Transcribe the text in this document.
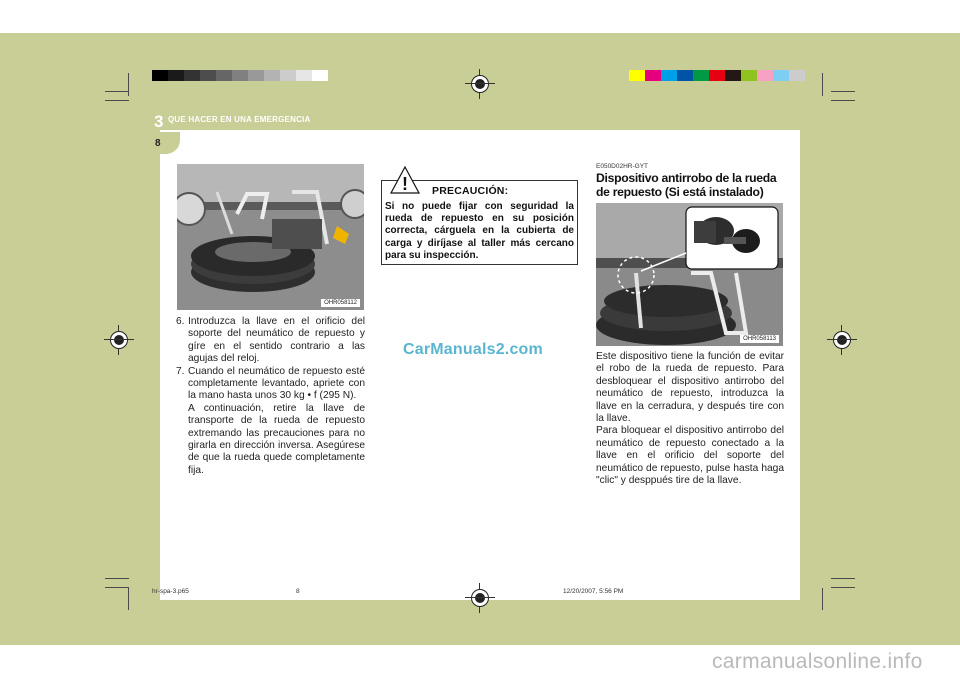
3 QUE HACER EN UNA EMERGENCIA
8
OHR058112
6. Introduzca la llave en el orificio del soporte del neumático de repuesto y gíre en el sentido contrario a las agujas del reloj.
7. Cuando el neumático de repuesto esté completamente levantado, apriete con la mano hasta unos 30 kg • f (295 N).
A continuación, retire la llave de transporte de la rueda de repuesto extremando las precauciones para no girarla en dirección inversa. Asegúrese de que la rueda quede completamente fija.
PRECAUCIÓN:
Si no puede fijar con seguridad la rueda de repuesto en su posición correcta, cárguela en la cubierta de carga y diríjase al taller más cercano para su inspección.
!
CarManuals2.com
E050D02HR-GYT
Dispositivo antirrobo de la rueda de repuesto (Si está instalado)
OHR058113

Este dispositivo tiene la función de evitar el robo de la rueda de repuesto. Para desbloquear el dispositivo antirrobo del neumático de repuesto, introduzca la llave en la cerradura, y después tire con la llave.

Para bloquear el dispositivo antirrobo del neumático de repuesto conectado a la llave en el orificio del soporte del neumático de repuesto, pulse hasta haga "clic" y desppués tire de la llave.

hr-spa-3.p65	8	12/20/2007, 5:56 PM
carmanualsonline.info
